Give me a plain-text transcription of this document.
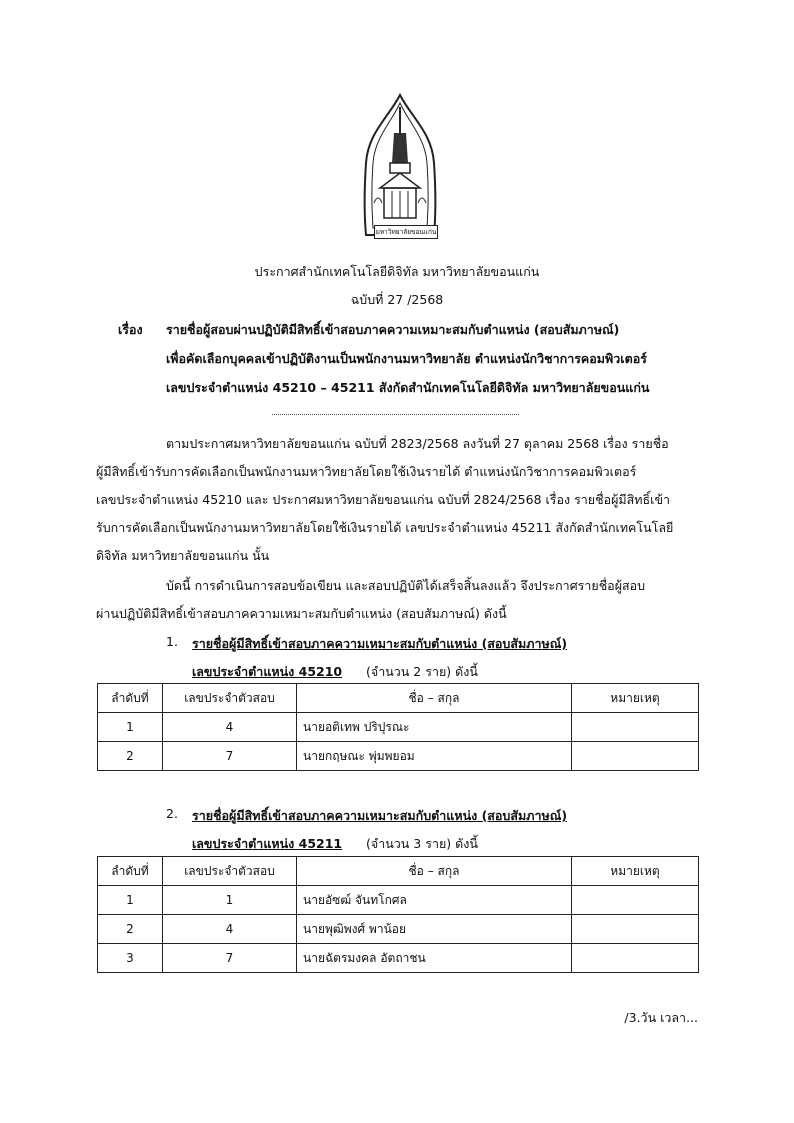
มหาวิทยาลัยขอนแก่น
ประกาศสำนักเทคโนโลยีดิจิทัล มหาวิทยาลัยขอนแก่น
ฉบับที่ 27 /2568
เรื่อง รายชื่อผู้สอบผ่านปฏิบัติมีสิทธิ์เข้าสอบภาคความเหมาะสมกับตำแหน่ง (สอบสัมภาษณ์)
เพื่อคัดเลือกบุคคลเข้าปฏิบัติงานเป็นพนักงานมหาวิทยาลัย ตำแหน่งนักวิชาการคอมพิวเตอร์
เลขประจำตำแหน่ง 45210 – 45211 สังกัดสำนักเทคโนโลยีดิจิทัล มหาวิทยาลัยขอนแก่น
ตามประกาศมหาวิทยาลัยขอนแก่น ฉบับที่ 2823/2568 ลงวันที่ 27 ตุลาคม 2568 เรื่อง รายชื่อ
ผู้มีสิทธิ์เข้ารับการคัดเลือกเป็นพนักงานมหาวิทยาลัยโดยใช้เงินรายได้ ตำแหน่งนักวิชาการคอมพิวเตอร์
เลขประจำตำแหน่ง 45210 และ ประกาศมหาวิทยาลัยขอนแก่น ฉบับที่ 2824/2568 เรื่อง รายชื่อผู้มีสิทธิ์เข้า
รับการคัดเลือกเป็นพนักงานมหาวิทยาลัยโดยใช้เงินรายได้ เลขประจำตำแหน่ง 45211 สังกัดสำนักเทคโนโลยี
ดิจิทัล มหาวิทยาลัยขอนแก่น นั้น
บัดนี้ การดำเนินการสอบข้อเขียน และสอบปฏิบัติได้เสร็จสิ้นลงแล้ว จึงประกาศรายชื่อผู้สอบ
ผ่านปฏิบัติมีสิทธิ์เข้าสอบภาคความเหมาะสมกับตำแหน่ง (สอบสัมภาษณ์) ดังนี้
1. รายชื่อผู้มีสิทธิ์เข้าสอบภาคความเหมาะสมกับตำแหน่ง (สอบสัมภาษณ์)
เลขประจำตำแหน่ง 45210 (จำนวน 2 ราย) ดังนี้
ลำดับที่	เลขประจำตัวสอบ	ชื่อ – สกุล	หมายเหตุ
1	4	นายอติเทพ ปริปุรณะ	
2	7	นายกฤษณะ พุ่มพยอม	
2. รายชื่อผู้มีสิทธิ์เข้าสอบภาคความเหมาะสมกับตำแหน่ง (สอบสัมภาษณ์)
เลขประจำตำแหน่ง 45211 (จำนวน 3 ราย) ดังนี้
ลำดับที่	เลขประจำตัวสอบ	ชื่อ – สกุล	หมายเหตุ
1	1	นายอัซฒ์ จันทโกศล	
2	4	นายพุฒิพงศ์ พาน้อย	
3	7	นายฉัตรมงคล อัตถาชน	
/3.วัน เวลา...
